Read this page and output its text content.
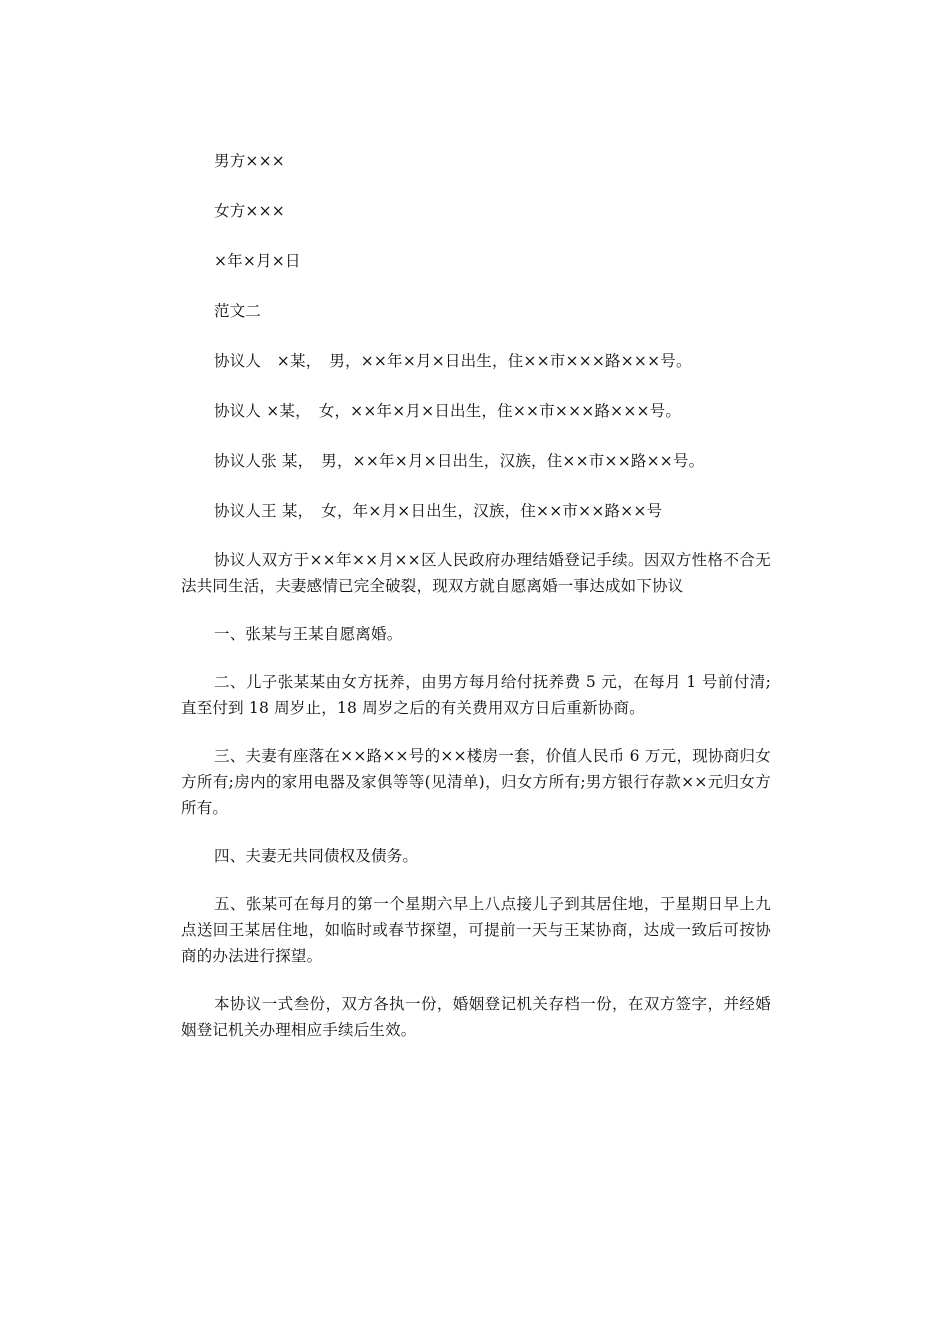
男方×××

女方×××

×年×月×日

范文二

协议人　×某，　男，××年×月×日出生，住××市×××路×××号。

协议人 ×某，　女，××年×月×日出生，住××市×××路×××号。

协议人张 某，　男，××年×月×日出生，汉族，住××市××路××号。

协议人王 某，　女，年×月×日出生，汉族，住××市××路××号

协议人双方于××年××月××区人民政府办理结婚登记手续。因双方性格不合无法共同生活，夫妻感情已完全破裂，现双方就自愿离婚一事达成如下协议

一、张某与王某自愿离婚。

二、儿子张某某由女方抚养，由男方每月给付抚养费 5 元，在每月 1 号前付清;直至付到 18 周岁止，18 周岁之后的有关费用双方日后重新协商。

三、夫妻有座落在××路××号的××楼房一套，价值人民币 6 万元，现协商归女方所有;房内的家用电器及家俱等等(见清单)，归女方所有;男方银行存款××元归女方所有。

四、夫妻无共同债权及债务。

五、张某可在每月的第一个星期六早上八点接儿子到其居住地，于星期日早上九点送回王某居住地，如临时或春节探望，可提前一天与王某协商，达成一致后可按协商的办法进行探望。

本协议一式叁份，双方各执一份，婚姻登记机关存档一份，在双方签字，并经婚姻登记机关办理相应手续后生效。
